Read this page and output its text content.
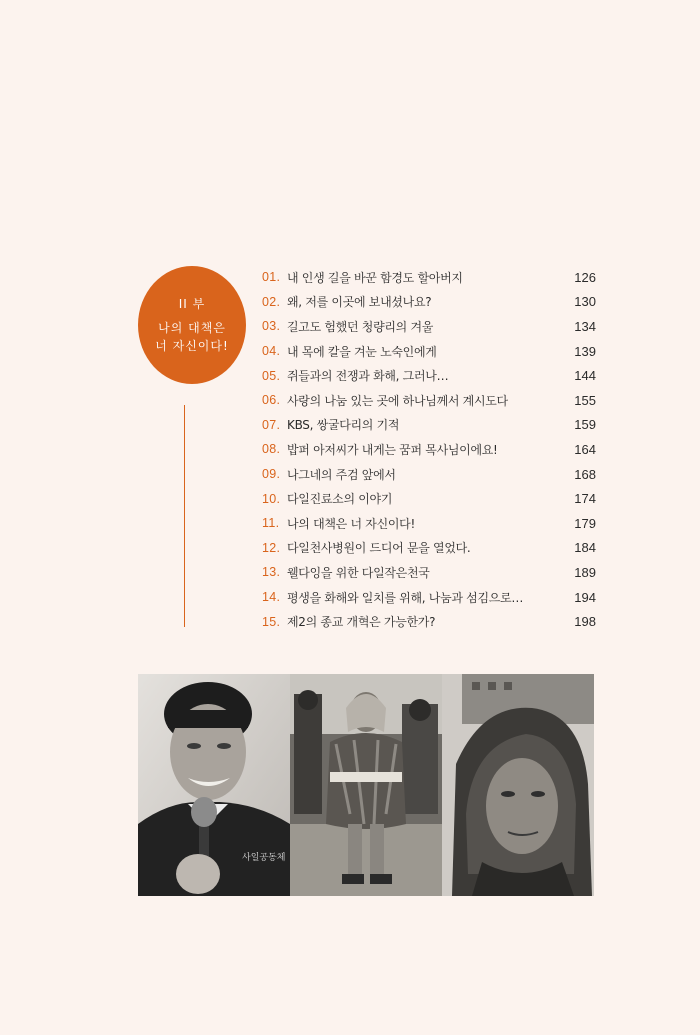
II 부
나의 대책은
너 자신이다!
01. 내 인생 길을 바꾼 함경도 할아버지	126
02. 왜, 저를 이곳에 보내셨나요?	130
03. 길고도 험했던 청량리의 겨울	134
04. 내 목에 칼을 겨눈 노숙인에게	139
05. 쥐들과의 전쟁과 화해, 그러나…	144
06. 사랑의 나눔 있는 곳에 하나님께서 계시도다	155
07. KBS, 쌍굴다리의 기적	159
08. 밥퍼 아저씨가 내게는 꿈퍼 목사님이에요!	164
09. 나그네의 주검 앞에서	168
10. 다일진료소의 이야기	174
11. 나의 대책은 너 자신이다!	179
12. 다일천사병원이 드디어 문을 열었다.	184
13. 웰다잉을 위한 다일작은천국	189
14. 평생을 화해와 일치를 위해, 나눔과 섬김으로…	194
15. 제2의 종교 개혁은 가능한가?	198
사일공동체
